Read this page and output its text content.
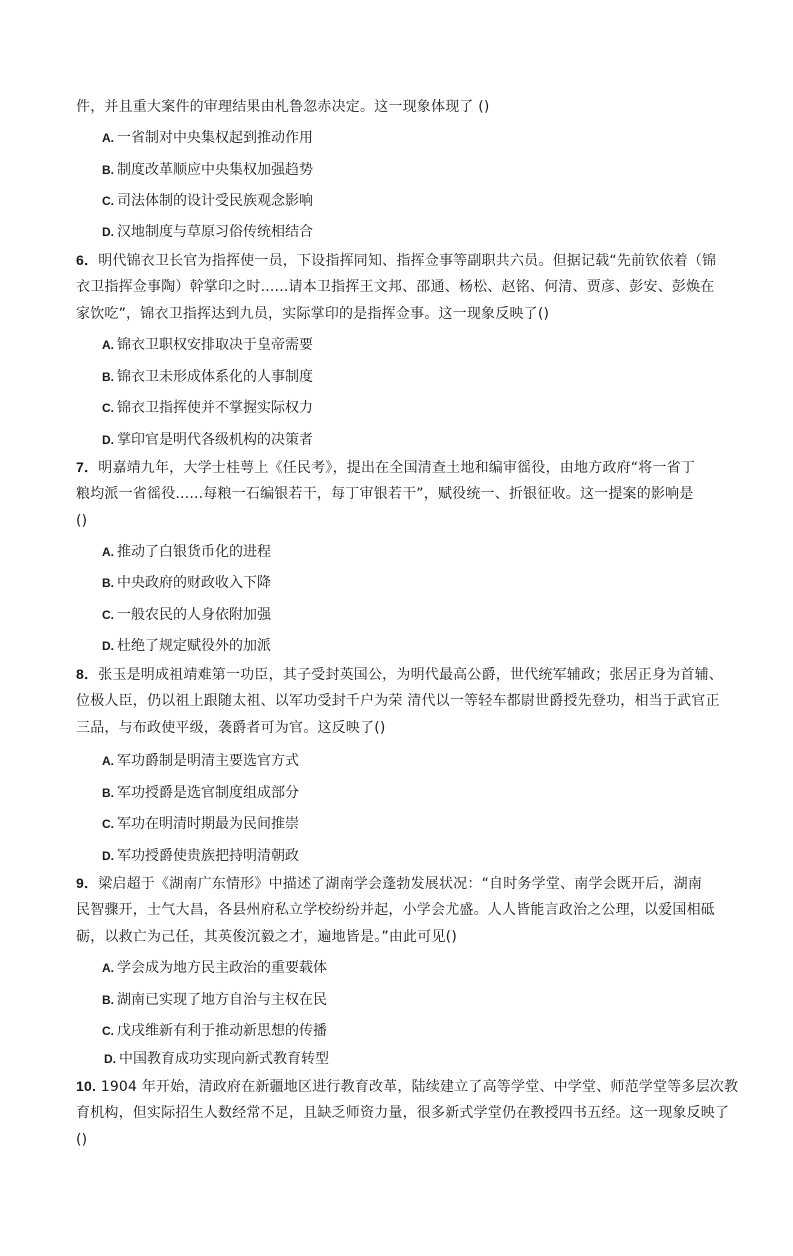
件，并且重大案件的审理结果由札鲁忽赤决定。这一现象体现了 ()
A. 一省制对中央集权起到推动作用
B. 制度改革顺应中央集权加强趋势
C. 司法体制的设计受民族观念影响
D. 汉地制度与草原习俗传统相结合
6．明代锦衣卫长官为指挥使一员，下设指挥同知、指挥佥事等副职共六员。但据记载“先前钦依着（锦
衣卫指挥佥事陶）幹掌印之时......请本卫指挥王文邦、邵通、杨松、赵铭、何清、贾彦、彭安、彭焕在
家饮吃”，锦衣卫指挥达到九员，实际掌印的是指挥佥事。这一现象反映了()
A. 锦衣卫职权安排取决于皇帝需要
B. 锦衣卫未形成体系化的人事制度
C. 锦衣卫指挥使并不掌握实际权力
D. 掌印官是明代各级机构的决策者
7．明嘉靖九年，大学士桂萼上《任民考》，提出在全国清查土地和编审徭役，由地方政府“将一省丁
粮均派一省徭役......每粮一石编银若干，每丁审银若干”，赋役统一、折银征收。这一提案的影响是
()
A. 推动了白银货币化的进程
B. 中央政府的财政收入下降
C. 一般农民的人身依附加强
D. 杜绝了规定赋役外的加派
8．张玉是明成祖靖难第一功臣，其子受封英国公，为明代最高公爵，世代统军辅政；张居正身为首辅、
位极人臣，仍以祖上跟随太祖、以军功受封千户为荣 清代以一等轻车都尉世爵授先登功，相当于武官正
三品，与布政使平级，袭爵者可为官。这反映了()
A. 军功爵制是明清主要选官方式
B. 军功授爵是选官制度组成部分
C. 军功在明清时期最为民间推崇
D. 军功授爵使贵族把持明清朝政
9．梁启超于《湖南广东情形》中描述了湖南学会蓬勃发展状况：“自时务学堂、南学会既开后，湖南
民智骤开，士气大昌，各县州府私立学校纷纷并起，小学会尤盛。人人皆能言政治之公理，以爱国相砥
砺，以救亡为己任，其英俊沉毅之才，遍地皆是。”由此可见()
A. 学会成为地方民主政治的重要载体
B. 湖南已实现了地方自治与主权在民
C. 戊戌维新有利于推动新思想的传播
D. 中国教育成功实现向新式教育转型
10. 1904 年开始，清政府在新疆地区进行教育改革，陆续建立了高等学堂、中学堂、师范学堂等多层次教
育机构，但实际招生人数经常不足，且缺乏师资力量，很多新式学堂仍在教授四书五经。这一现象反映了
()
